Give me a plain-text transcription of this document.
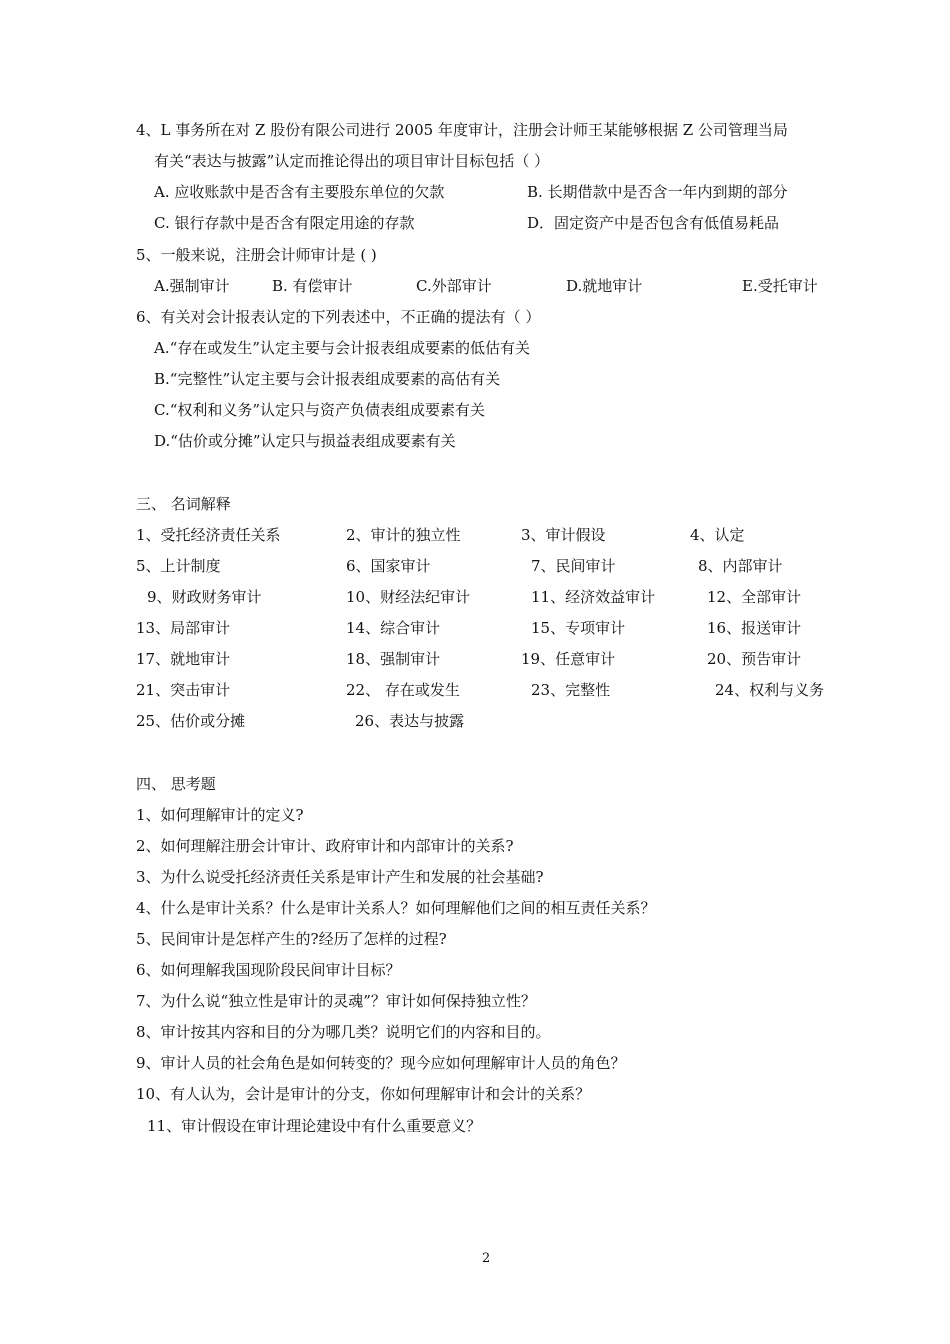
4、L 事务所在对 Z 股份有限公司进行 2005 年度审计，注册会计师王某能够根据 Z 公司管理当局
有关“表达与披露”认定而推论得出的项目审计目标包括（ ）
A. 应收账款中是否含有主要股东单位的欠款	B. 长期借款中是否含一年内到期的部分
C. 银行存款中是否含有限定用途的存款	D．固定资产中是否包含有低值易耗品
5、一般来说，注册会计师审计是 ( )
A.强制审计	B. 有偿审计	C.外部审计	D.就地审计	E.受托审计
6、有关对会计报表认定的下列表述中，不正确的提法有（ ）
A.“存在或发生”认定主要与会计报表组成要素的低估有关
B.“完整性”认定主要与会计报表组成要素的高估有关
C.“权利和义务”认定只与资产负债表组成要素有关
D.“估价或分摊”认定只与损益表组成要素有关
三、 名词解释
1、受托经济责任关系	2、审计的独立性	3、审计假设	4、认定
5、上计制度	6、国家审计	7、民间审计	8、内部审计
9、财政财务审计	10、财经法纪审计	11、经济效益审计	12、全部审计
13、局部审计	14、综合审计	15、专项审计	16、报送审计
17、就地审计	18、强制审计	19、任意审计	20、预告审计
21、突击审计	22、 存在或发生	23、完整性	24、权利与义务
25、估价或分摊	26、表达与披露
四、 思考题
1、如何理解审计的定义?
2、如何理解注册会计审计、政府审计和内部审计的关系?
3、为什么说受托经济责任关系是审计产生和发展的社会基础?
4、什么是审计关系？什么是审计关系人？如何理解他们之间的相互责任关系？
5、民间审计是怎样产生的?经历了怎样的过程?
6、如何理解我国现阶段民间审计目标？
7、为什么说“独立性是审计的灵魂”？审计如何保持独立性？
8、审计按其内容和目的分为哪几类？说明它们的内容和目的。
9、审计人员的社会角色是如何转变的？现今应如何理解审计人员的角色？
10、有人认为，会计是审计的分支，你如何理解审计和会计的关系？
11、审计假设在审计理论建设中有什么重要意义？
2
